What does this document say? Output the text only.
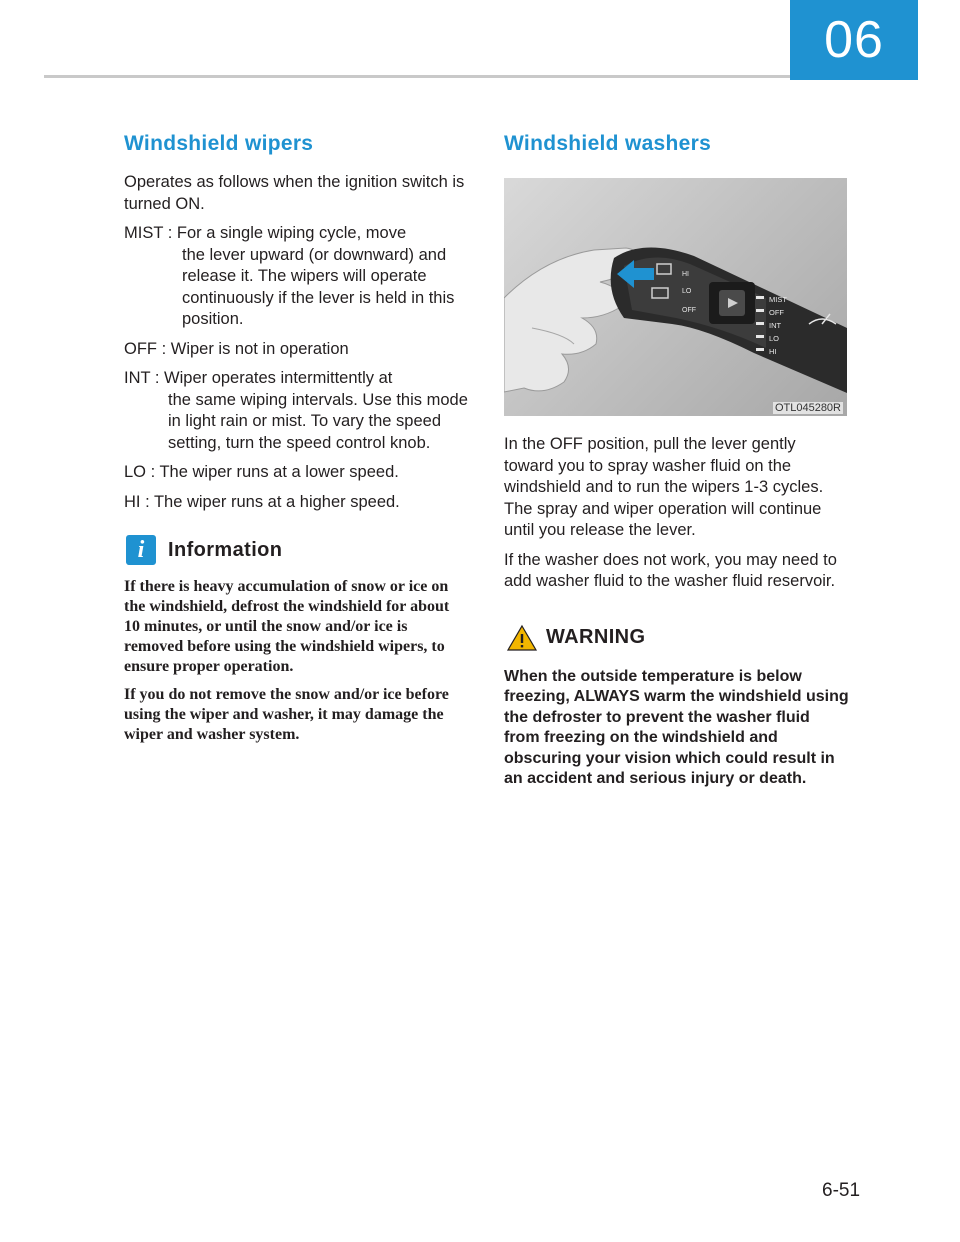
06
Windshield wipers

Operates as follows when the ignition switch is turned ON.

MIST : For a single wiping cycle, move
the lever upward (or downward) and release it. The wipers will operate continuously if the lever is held in this position.
OFF : Wiper is not in operation
INT : Wiper operates intermittently at
the same wiping intervals. Use this mode in light rain or mist. To vary the speed setting, turn the speed control knob.
LO : The wiper runs at a lower speed.
HI : The wiper runs at a higher speed.
i	Information

If there is heavy accumulation of snow or ice on the windshield, defrost the windshield for about 10 minutes, or until the snow and/or ice is removed before using the windshield wipers, to ensure proper operation.

If you do not remove the snow and/or ice before using the wiper and washer, it may damage the wiper and washer system.

Windshield washers
HI
LO
OFF
MIST
OFF
INT
LO
HI
OTL045280R

In the OFF position, pull the lever gently toward you to spray washer fluid on the windshield and to run the wipers 1-3 cycles. The spray and wiper operation will continue until you release the lever.

If the washer does not work, you may need to add washer fluid to the washer fluid reservoir.

WARNING

When the outside temperature is below freezing, ALWAYS warm the windshield using the defroster to prevent the washer fluid from freezing on the windshield and obscuring your vision which could result in an accident and serious injury or death.

6-51
